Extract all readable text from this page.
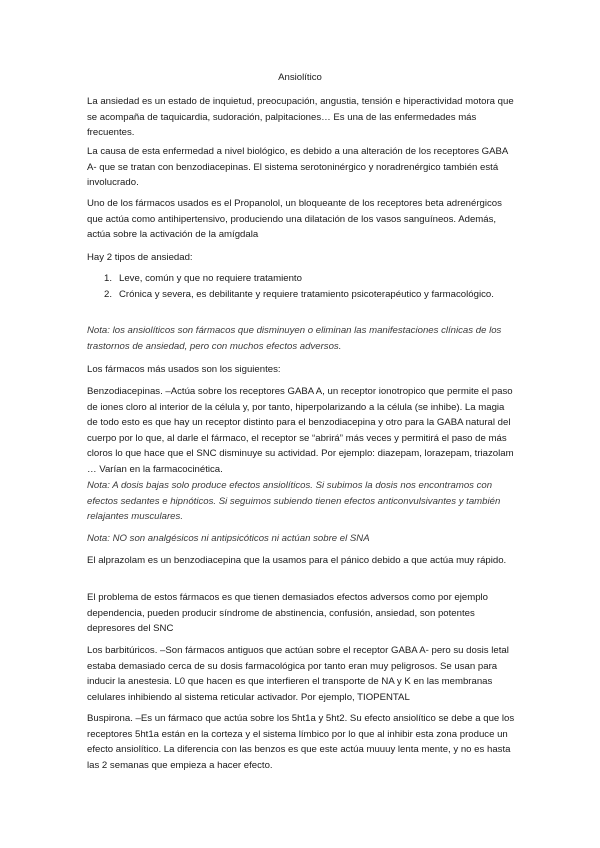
Ansiolítico

La ansiedad es un estado de inquietud, preocupación, angustia, tensión e hiperactividad motora que se acompaña de taquicardia, sudoración, palpitaciones… Es una de las enfermedades más frecuentes.

La causa de esta enfermedad a nivel biológico, es debido a una alteración de los receptores GABA A- que se tratan con benzodiacepinas. El sistema serotoninérgico y noradrenérgico también está involucrado.

Uno de los fármacos usados es el Propanolol, un bloqueante de los receptores beta adrenérgicos que actúa como antihipertensivo, produciendo una dilatación de los vasos sanguíneos. Además, actúa sobre la activación de la amígdala

Hay 2 tipos de ansiedad:

1. Leve, común y que no requiere tratamiento
2. Crónica y severa, es debilitante y requiere tratamiento psicoterapéutico y farmacológico.

Nota: los ansiolíticos son fármacos que disminuyen o eliminan las manifestaciones clínicas de los trastornos de ansiedad, pero con muchos efectos adversos.

Los fármacos más usados son los siguientes:

Benzodiacepinas. –Actúa sobre los receptores GABA A, un receptor ionotropico que permite el paso de iones cloro al interior de la célula y, por tanto, hiperpolarizando a la célula (se inhibe). La magia de todo esto es que hay un receptor distinto para el benzodiacepina y otro para la GABA natural del cuerpo por lo que, al darle el fármaco, el receptor se “abrirá” más veces y permitirá el paso de más cloros lo que hace que el SNC disminuye su actividad. Por ejemplo: diazepam, lorazepam, triazolam … Varían en la farmacocinética.

Nota: A dosis bajas solo produce efectos ansiolíticos. Si subimos la dosis nos encontramos con efectos sedantes e hipnóticos. Si seguimos subiendo tienen efectos anticonvulsivantes y también relajantes musculares.

Nota: NO son analgésicos ni antipsicóticos ni actúan sobre el SNA

El alprazolam es un benzodiacepina que la usamos para el pánico debido a que actúa muy rápido.

El problema de estos fármacos es que tienen demasiados efectos adversos como por ejemplo dependencia, pueden producir síndrome de abstinencia, confusión, ansiedad, son potentes depresores del SNC

Los barbitúricos. –Son fármacos antiguos que actúan sobre el receptor GABA A- pero su dosis letal estaba demasiado cerca de su dosis farmacológica por tanto eran muy peligrosos. Se usan para inducir la anestesia. L0 que hacen es que interfieren el transporte de NA y K en las membranas celulares inhibiendo al sistema reticular activador. Por ejemplo, TIOPENTAL

Buspirona. –Es un fármaco que actúa sobre los 5ht1a y 5ht2. Su efecto ansiolítico se debe a que los receptores 5ht1a están en la corteza y el sistema límbico por lo que al inhibir esta zona produce un efecto ansiolítico. La diferencia con las benzos es que este actúa muuuy lenta mente, y no es hasta las 2 semanas que empieza a hacer efecto.
